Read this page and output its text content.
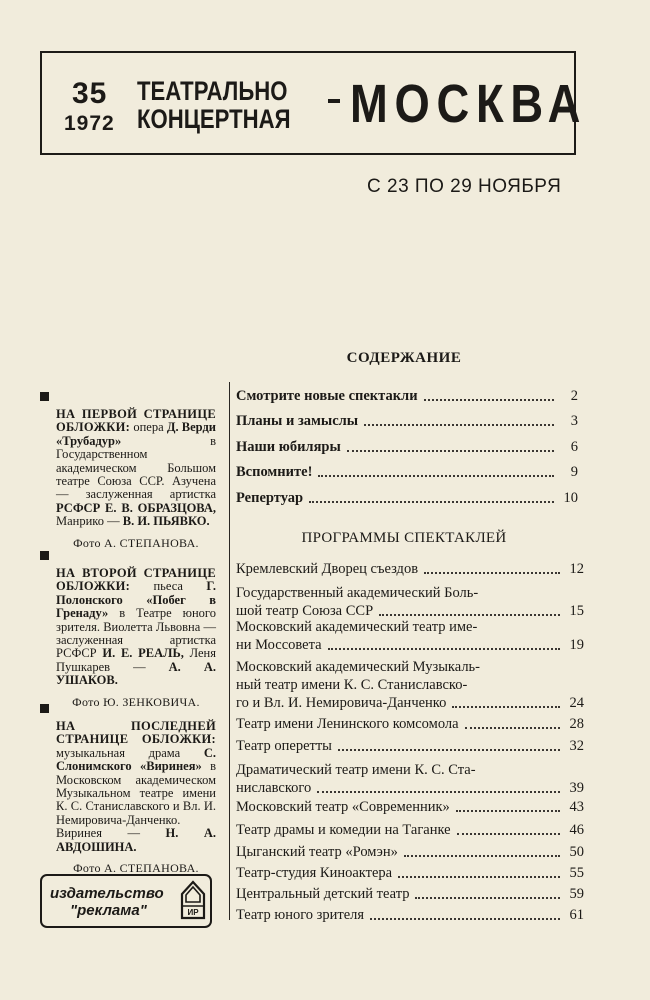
35
1972
ТЕАТРАЛЬНО
КОНЦЕРТНАЯ МОСКВА
С 23 ПО 29 НОЯБРЯ
СОДЕРЖАНИЕ
Смотрите новые спектакли	2
Планы и замыслы	3
Наши юбиляры	6
Вспомните!	9
Репертуар	10
ПРОГРАММЫ СПЕКТАКЛЕЙ
Кремлевский Дворец съездов	12
Государственный академический Боль-
шой театр Союза ССР	15
Московский академический театр име-
ни Моссовета	19
Московский академический Музыкаль-
ный театр имени К. С. Станиславско-
го и Вл. И. Немировича-Данченко	24
Театр имени Ленинского комсомола	28
Театр оперетты	32
Драматический театр имени К. С. Ста-
ниславского	39
Московский театр «Современник»	43
Театр драмы и комедии на Таганке	46
Цыганский театр «Ромэн»	50
Театр-студия Киноактера	55
Центральный детский театр	59
Театр юного зрителя	61
НА ПЕРВОЙ СТРАНИЦЕ ОБЛОЖКИ: опера Д. Верди «Трубадур» в Государственном академическом Большом театре Союза ССР. Азучена — заслуженная артистка РСФСР Е. В. ОБРАЗЦОВА, Манрико — В. И. ПЬЯВКО.
Фото А. СТЕПАНОВА.
НА ВТОРОЙ СТРАНИЦЕ ОБЛОЖКИ: пьеса Г. Полонского «Побег в Гренаду» в Театре юного зрителя. Виолетта Львовна — заслуженная артистка РСФСР И. Е. РЕАЛЬ, Леня Пушкарев — А. А. УШАКОВ.
Фото Ю. ЗЕНКОВИЧА.
НА ПОСЛЕДНЕЙ СТРАНИЦЕ ОБЛОЖКИ: музыкальная драма С. Слонимского «Виринея» в Московском академическом Музыкальном театре имени К. С. Станиславского и Вл. И. Немировича-Данченко. Виринея — Н. А. АВДОШИНА.
Фото А. СТЕПАНОВА.
издательство
"реклама"	ИР
